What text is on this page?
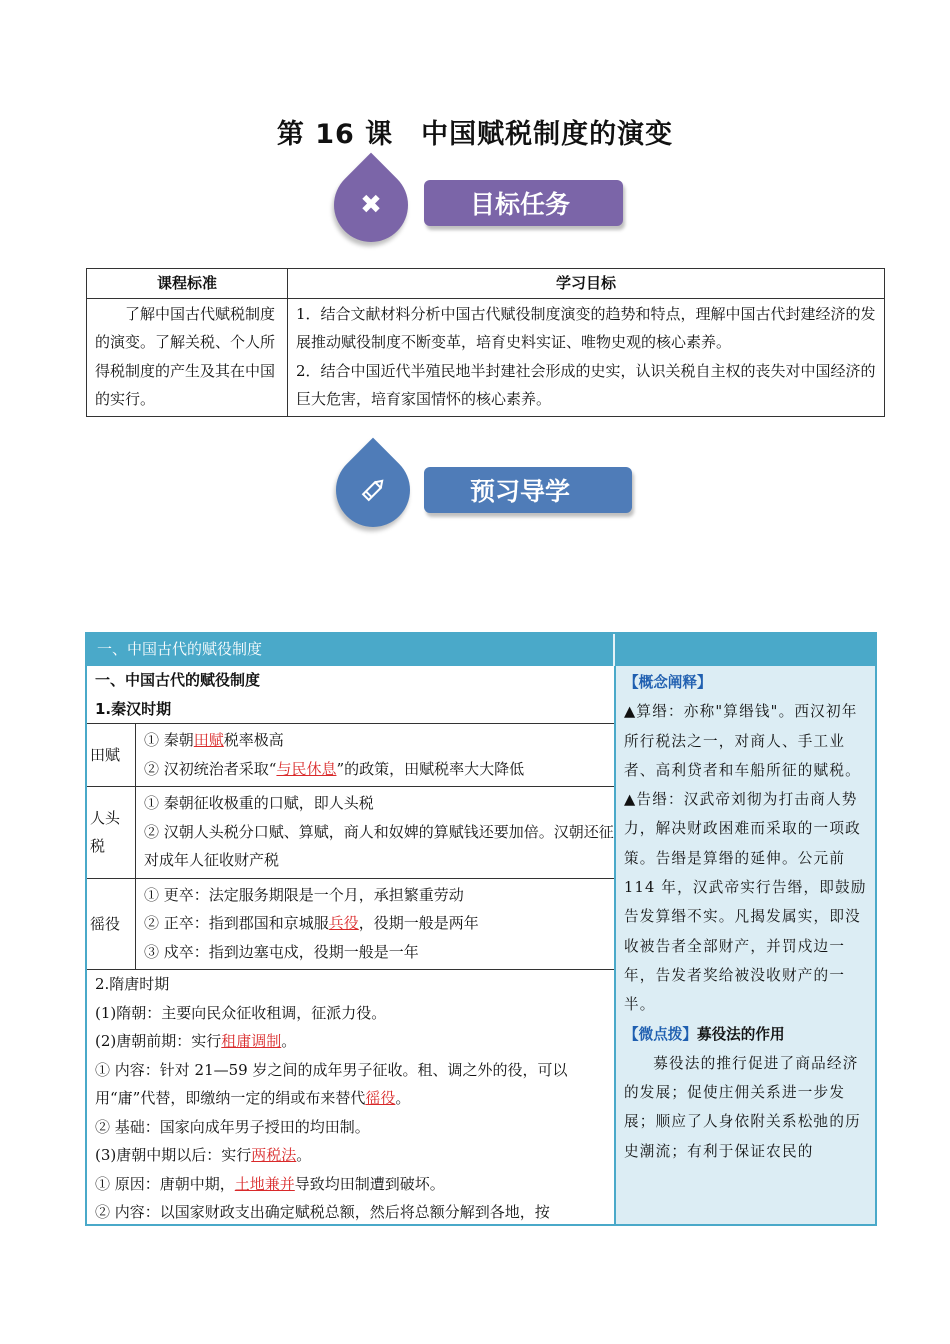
第 16 课　中国赋税制度的演变
✖	目标任务
课程标准	学习目标
了解中国古代赋税制度的演变。了解关税、个人所得税制度的产生及其在中国的实行。	1．结合文献材料分析中国古代赋役制度演变的趋势和特点，理解中国古代封建经济的发展推动赋役制度不断变革，培育史料实证、唯物史观的核心素养。
2．结合中国近代半殖民地半封建社会形成的史实，认识关税自主权的丧失对中国经济的巨大危害，培育家国情怀的核心素养。
预习导学
一、中国古代的赋役制度
一、中国古代的赋役制度
1.秦汉时期
田赋	① 秦朝田赋税率极高
② 汉初统治者采取“与民休息”的政策，田赋税率大大降低

人头税	① 秦朝征收极重的口赋，即人头税
② 汉朝人头税分口赋、算赋，商人和奴婢的算赋钱还要加倍。汉朝还征对成年人征收财产税

徭役	① 更卒：法定服务期限是一个月，承担繁重劳动
② 正卒：指到郡国和京城服兵役，役期一般是两年
③ 戍卒：指到边塞屯戍，役期一般是一年
2.隋唐时期
(1)隋朝：主要向民众征收租调，征派力役。
(2)唐朝前期：实行租庸调制。
① 内容：针对 21—59 岁之间的成年男子征收。租、调之外的役，可以用“庸”代替，即缴纳一定的绢或布来替代徭役。
② 基础：国家向成年男子授田的均田制。
(3)唐朝中期以后：实行两税法。
① 原因：唐朝中期，土地兼并导致均田制遭到破坏。
② 内容：以国家财政支出确定赋税总额，然后将总额分解到各地，按
【概念阐释】
▲算缗：亦称"算缗钱"。西汉初年所行税法之一，对商人、手工业者、高利贷者和车船所征的赋税。
▲告缗：汉武帝刘彻为打击商人势力，解决财政困难而采取的一项政策。告缗是算缗的延伸。公元前 114 年，汉武帝实行告缗，即鼓励告发算缗不实。凡揭发属实，即没收被告者全部财产，并罚戍边一年，告发者奖给被没收财产的一半。
【微点拨】募役法的作用
募役法的推行促进了商品经济的发展；促使庄佣关系进一步发展；顺应了人身依附关系松弛的历史潮流；有利于保证农民的
